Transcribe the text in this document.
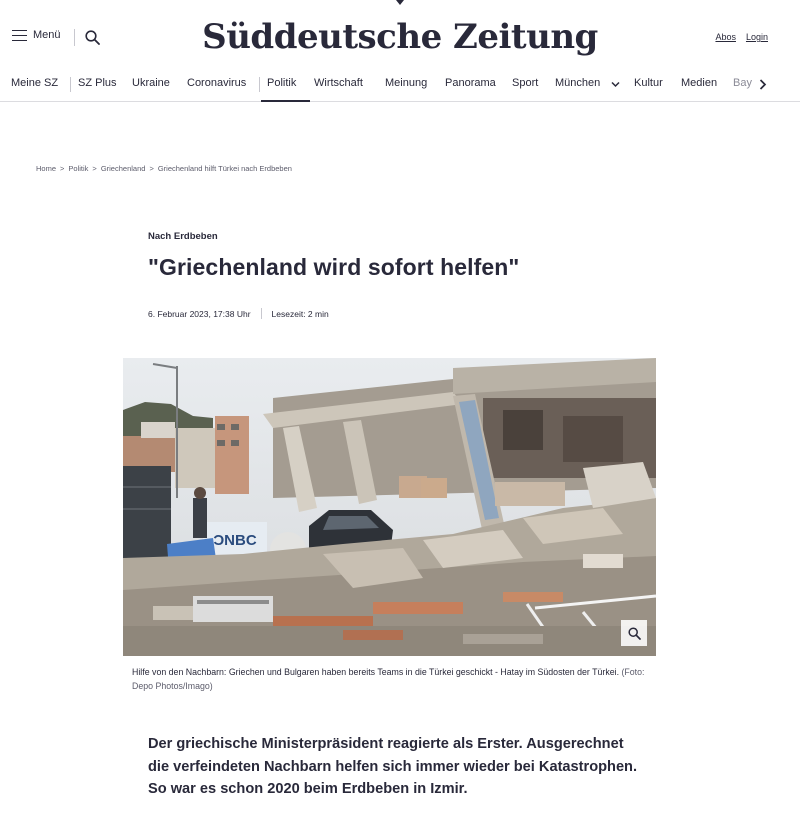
Menü	Süddeutsche Zeitung	Abos Login
Meine SZ SZ Plus Ukraine Coronavirus Politik Wirtschaft Meinung Panorama Sport München	Kultur Medien Bay
Home > Politik > Griechenland > Griechenland hilft Türkei nach Erdbeben
Nach Erdbeben
"Griechenland wird sofort helfen"
6. Februar 2023, 17:38 Uhr Lesezeit: 2 min
ƆNBC
Hilfe von den Nachbarn: Griechen und Bulgaren haben bereits Teams in die Türkei geschickt - Hatay im Südosten der Türkei. (Foto: Depo Photos/Imago)

Der griechische Ministerpräsident reagierte als Erster. Ausgerechnet die verfeindeten Nachbarn helfen sich immer wieder bei Katastrophen. So war es schon 2020 beim Erdbeben in Izmir.
